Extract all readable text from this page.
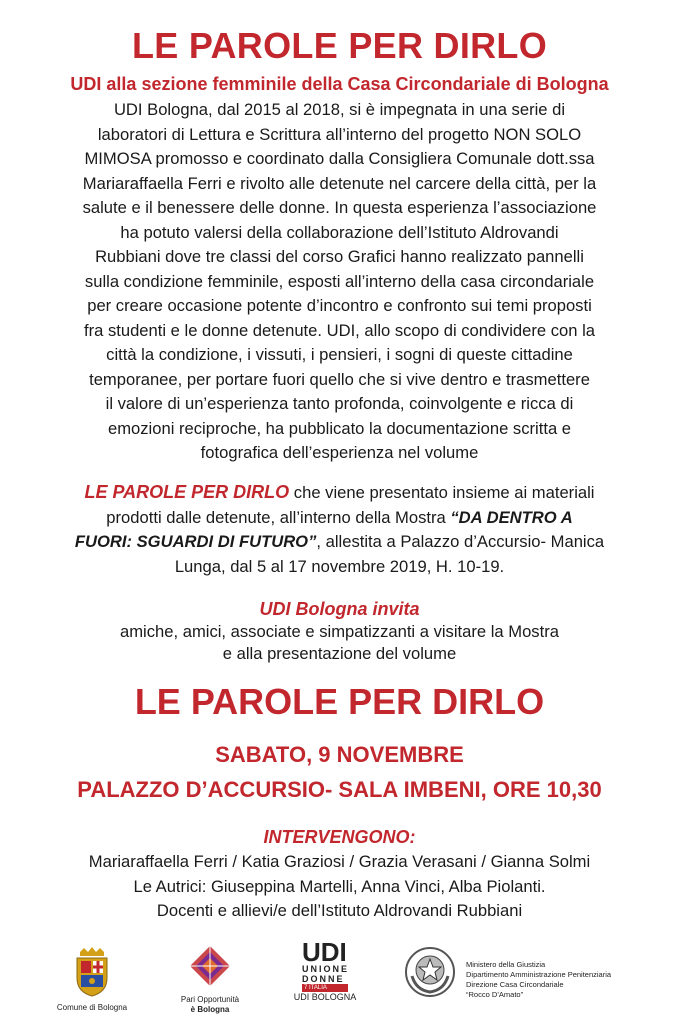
LE PAROLE PER DIRLO
UDI alla sezione femminile della Casa Circondariale di Bologna
UDI Bologna, dal 2015 al 2018, si è impegnata in una serie di
laboratori di Lettura e Scrittura all’interno del progetto NON SOLO
MIMOSA promosso e coordinato dalla Consigliera Comunale dott.ssa
Mariaraffaella Ferri e rivolto alle detenute nel carcere della città, per la
salute e il benessere delle donne. In questa esperienza l’associazione
ha potuto valersi della collaborazione dell’Istituto Aldrovandi
Rubbiani dove tre classi del corso Grafici hanno realizzato pannelli
sulla condizione femminile, esposti all’interno della casa circondariale
per creare occasione potente d’incontro e confronto sui temi proposti
fra studenti e le donne detenute. UDI, allo scopo di condividere con la
città la condizione, i vissuti, i pensieri, i sogni di queste cittadine
temporanee, per portare fuori quello che si vive dentro e trasmettere
il valore di un’esperienza tanto profonda, coinvolgente e ricca di
emozioni reciproche, ha pubblicato la documentazione scritta e
fotografica dell’esperienza nel volume
LE PAROLE PER DIRLO che viene presentato insieme ai materiali
prodotti dalle detenute, all’interno della Mostra “DA DENTRO A
FUORI: SGUARDI DI FUTURO”, allestita a Palazzo d’Accursio- Manica
Lunga, dal 5 al 17 novembre 2019, H. 10-19.
UDI Bologna invita
amiche, amici, associate e simpatizzanti a visitare la Mostra
e alla presentazione del volume
LE PAROLE PER DIRLO
SABATO, 9 NOVEMBRE
PALAZZO D’ACCURSIO- SALA IMBENI, ORE 10,30
INTERVENGONO:
Mariaraffaella Ferri / Katia Graziosi / Grazia Verasani / Gianna Solmi
Le Autrici: Giuseppina Martelli, Anna Vinci, Alba Piolanti.
Docenti e allievi/e dell’Istituto Aldrovandi Rubbiani
Comune di Bologna
Pari Opportunità
è Bologna
UDI
UNIONE
DONNE
7 ITALIA
UDI BOLOGNA
Ministero della Giustizia
Dipartimento Amministrazione Penitenziaria
Direzione Casa Circondariale
“Rocco D’Amato”
